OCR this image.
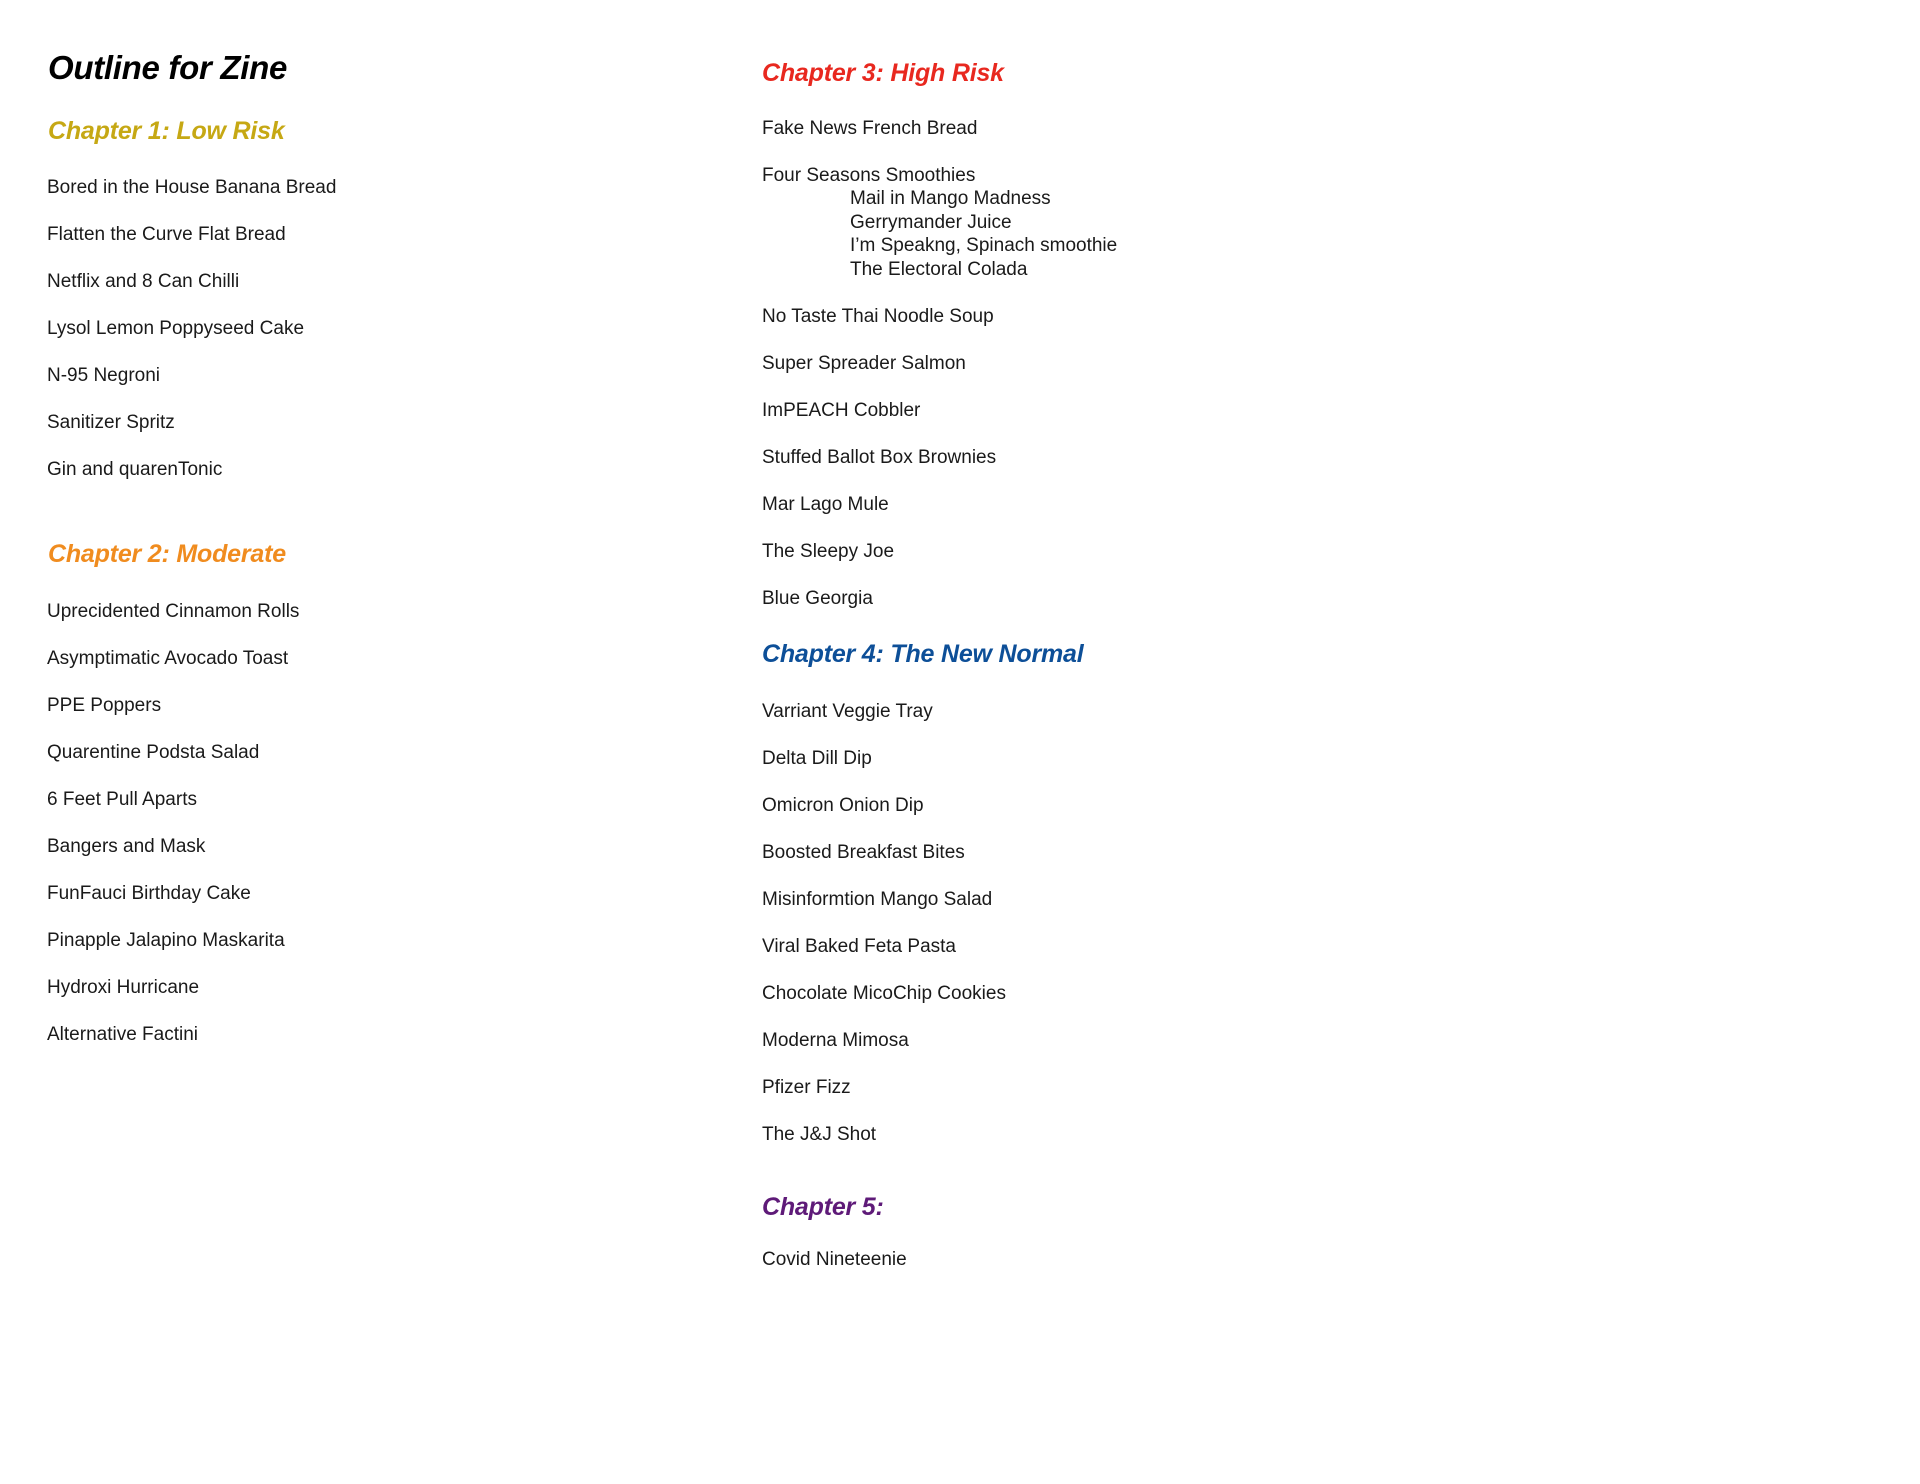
Outline for Zine
Chapter 1: Low Risk
Bored in the House Banana Bread
Flatten the Curve Flat Bread
Netflix and 8 Can Chilli
Lysol Lemon Poppyseed Cake
N-95 Negroni
Sanitizer Spritz
Gin and quarenTonic
Chapter 2: Moderate
Uprecidented Cinnamon Rolls
Asymptimatic Avocado Toast
PPE Poppers
Quarentine Podsta Salad
6 Feet Pull Aparts
Bangers and Mask
FunFauci Birthday Cake
Pinapple Jalapino Maskarita
Hydroxi Hurricane
Alternative Factini
Chapter 3: High Risk
Fake News French Bread
Four Seasons Smoothies
Mail in Mango Madness
Gerrymander Juice
I’m Speakng, Spinach smoothie
The Electoral Colada
No Taste Thai Noodle Soup
Super Spreader Salmon
ImPEACH Cobbler
Stuffed Ballot Box Brownies
Mar Lago Mule
The Sleepy Joe
Blue Georgia
Chapter 4: The New Normal
Varriant Veggie Tray
Delta Dill Dip
Omicron Onion Dip
Boosted Breakfast Bites
Misinformtion Mango Salad
Viral Baked Feta Pasta
Chocolate MicoChip Cookies
Moderna Mimosa
Pfizer Fizz
The J&J Shot
Chapter 5:
Covid Nineteenie
